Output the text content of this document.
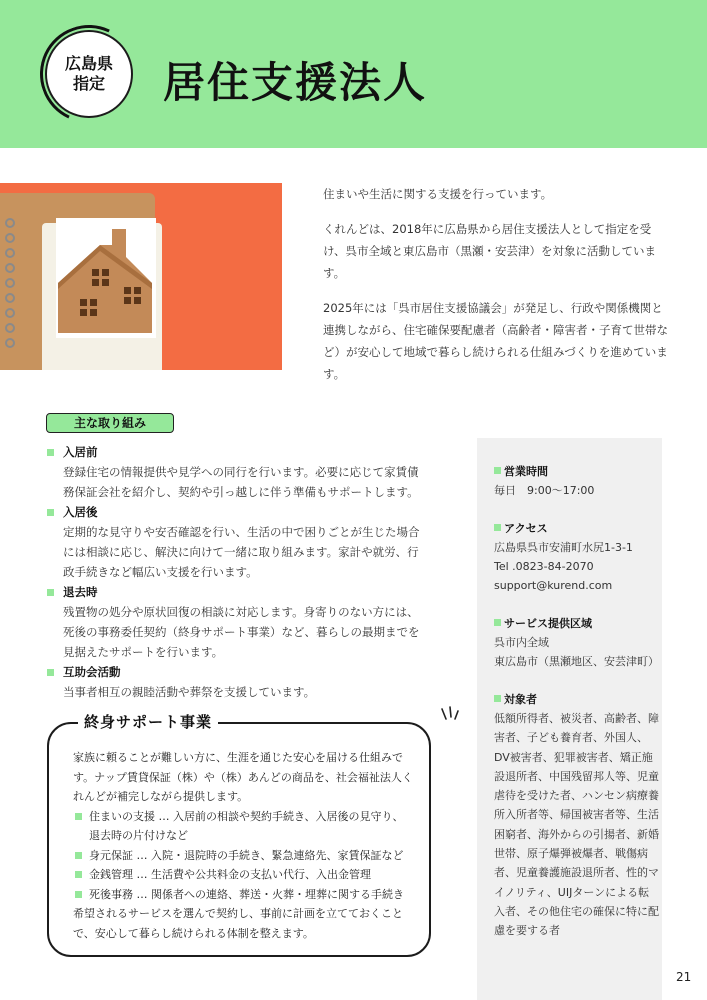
広島県
指定	居住支援法人

住まいや生活に関する支援を行っています。

くれんどは、2018年に広島県から居住支援法人として指定を受け、呉市全域と東広島市（黒瀬・安芸津）を対象に活動しています。

2025年には「呉市居住支援協議会」が発足し、行政や関係機関と連携しながら、住宅確保要配慮者（高齢者・障害者・子育て世帯など）が安心して地域で暮らし続けられる仕組みづくりを進めています。

主な取り組み
入居前
登録住宅の情報提供や見学への同行を行います。必要に応じて家賃債務保証会社を紹介し、契約や引っ越しに伴う準備もサポートします。
入居後
定期的な見守りや安否確認を行い、生活の中で困りごとが生じた場合には相談に応じ、解決に向けて一緒に取り組みます。家計や就労、行政手続きなど幅広い支援を行います。
退去時
残置物の処分や原状回復の相談に対応します。身寄りのない方には、死後の事務委任契約（終身サポート事業）など、暮らしの最期までを見据えたサポートを行います。
互助会活動
当事者相互の親睦活動や葬祭を支援しています。
営業時間
毎日　9:00〜17:00
アクセス
広島県呉市安浦町水尻1-3-1
Tel .0823-84-2070
support@kurend.com
サービス提供区域
呉市内全域
東広島市（黒瀬地区、安芸津町）
対象者
低額所得者、被災者、高齢者、障害者、子ども養育者、外国人、DV被害者、犯罪被害者、矯正施設退所者、中国残留邦人等、児童虐待を受けた者、ハンセン病療養所入所者等、帰国被害者等、生活困窮者、海外からの引揚者、新婚世帯、原子爆弾被爆者、戦傷病者、児童養護施設退所者、性的マイノリティ、UIJターンによる転入者、その他住宅の確保に特に配慮を要する者
終身サポート事業
家族に頼ることが難しい方に、生涯を通じた安心を届ける仕組みです。ナップ賃貸保証（株）や（株）あんどの商品を、社会福祉法人くれんどが補完しながら提供します。
住まいの支援 … 入居前の相談や契約手続き、入居後の見守り、退去時の片付けなど
身元保証 … 入院・退院時の手続き、緊急連絡先、家賃保証など
金銭管理 … 生活費や公共料金の支払い代行、入出金管理
死後事務 … 関係者への連絡、葬送・火葬・埋葬に関する手続き
希望されるサービスを選んで契約し、事前に計画を立てておくことで、安心して暮らし続けられる体制を整えます。
21
